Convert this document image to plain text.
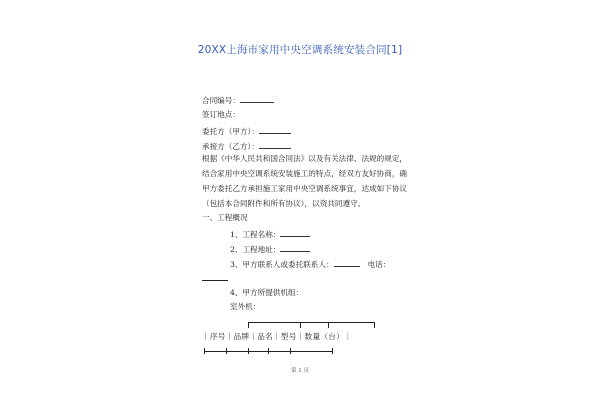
20XX上海市家用中央空调系统安装合同[1]
合同编号：
签订地点：
委托方（甲方）：
承接方（乙方）：
根据《中华人民共和国合同法》以及有关法律、法规的规定，
结合家用中央空调系统安装施工的特点，经双方友好协商，确
甲方委托乙方承担施工家用中央空调系统事宜，达成如下协议
（包括本合同附件和所有协议），以资共同遵守。
一、工程概况
1、工程名称：
2、工程地址：
3、甲方联系人或委托联系人：	电话：
4、甲方所提供机组：
室外机：
｜序号｜品牌｜品名｜型号｜数量（台）｜
第 1 页
